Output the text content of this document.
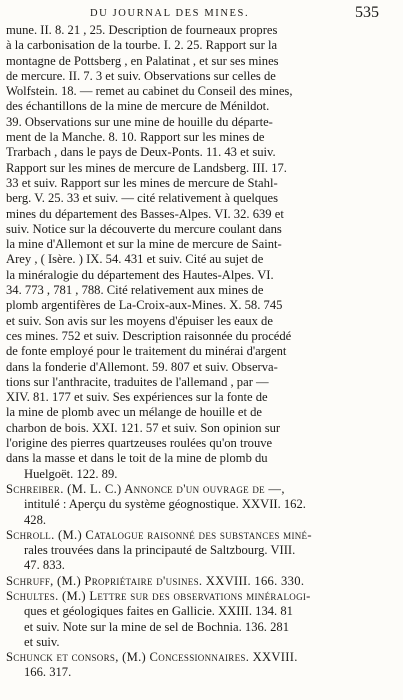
DU JOURNAL DES MINES.	535
mune. II. 8. 21 , 25. Description de fourneaux propres
à la carbonisation de la tourbe. I. 2. 25. Rapport sur la
montagne de Pottsberg , en Palatinat , et sur ses mines
de mercure. II. 7. 3 et suiv. Observations sur celles de
Wolfstein. 18. — remet au cabinet du Conseil des mines,
des échantillons de la mine de mercure de Ménildot.
39. Observations sur une mine de houille du départe-
ment de la Manche. 8. 10. Rapport sur les mines de
Trarbach , dans le pays de Deux-Ponts. 11. 43 et suiv.
Rapport sur les mines de mercure de Landsberg. III. 17.
33 et suiv. Rapport sur les mines de mercure de Stahl-
berg. V. 25. 33 et suiv. — cité relativement à quelques
mines du département des Basses-Alpes. VI. 32. 639 et
suiv. Notice sur la découverte du mercure coulant dans
la mine d'Allemont et sur la mine de mercure de Saint-
Arey , ( Isère. ) IX. 54. 431 et suiv. Cité au sujet de
la minéralogie du département des Hautes-Alpes. VI.
34. 773 , 781 , 788. Cité relativement aux mines de
plomb argentifères de La-Croix-aux-Mines. X. 58. 745
et suiv. Son avis sur les moyens d'épuiser les eaux de
ces mines. 752 et suiv. Description raisonnée du procédé
de fonte employé pour le traitement du minérai d'argent
dans la fonderie d'Allemont. 59. 807 et suiv. Observa-
tions sur l'anthracite, traduites de l'allemand , par —
XIV. 81. 177 et suiv. Ses expériences sur la fonte de
la mine de plomb avec un mélange de houille et de
charbon de bois. XXI. 121. 57 et suiv. Son opinion sur
l'origine des pierres quartzeuses roulées qu'on trouve
dans la masse et dans le toit de la mine de plomb du
Huelgoët. 122. 89.
Schreiber. (M. L. C.) Annonce d'un ouvrage de —,
intitulé : Aperçu du système géognostique. XXVII. 162.
428.
Schroll. (M.) Catalogue raisonné des substances miné-
rales trouvées dans la principauté de Saltzbourg. VIII.
47. 833.
Schruff, (M.) Propriétaire d'usines. XXVIII. 166. 330.
Schultes. (M.) Lettre sur des observations minéralogi-
ques et géologiques faites en Gallicie. XXIII. 134. 81
et suiv. Note sur la mine de sel de Bochnia. 136. 281
et suiv.
Schunck et consors, (M.) Concessionnaires. XXVIII.
166. 317.
